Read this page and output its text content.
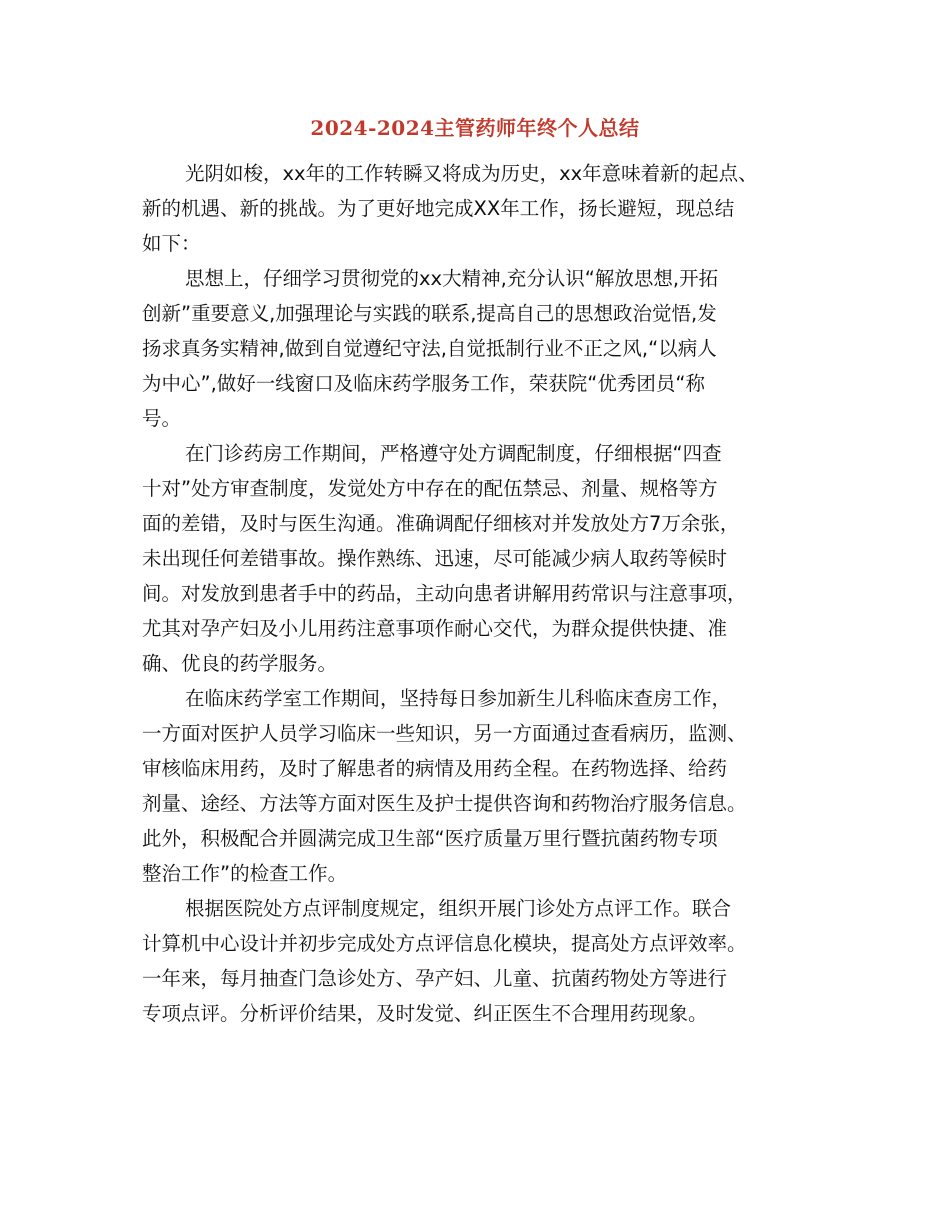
2024-2024主管药师年终个人总结
光阴如梭，xx年的工作转瞬又将成为历史，xx年意味着新的起点、
新的机遇、新的挑战。为了更好地完成XX年工作，扬长避短，现总结
如下：
思想上，仔细学习贯彻党的xx大精神,充分认识“解放思想,开拓
创新”重要意义,加强理论与实践的联系,提高自己的思想政治觉悟,发
扬求真务实精神,做到自觉遵纪守法,自觉抵制行业不正之风,“以病人
为中心”,做好一线窗口及临床药学服务工作，荣获院“优秀团员“称
号。
在门诊药房工作期间，严格遵守处方调配制度，仔细根据“四查
十对”处方审查制度，发觉处方中存在的配伍禁忌、剂量、规格等方
面的差错，及时与医生沟通。准确调配仔细核对并发放处方7万余张，
未出现任何差错事故。操作熟练、迅速，尽可能减少病人取药等候时
间。对发放到患者手中的药品，主动向患者讲解用药常识与注意事项，
尤其对孕产妇及小儿用药注意事项作耐心交代，为群众提供快捷、准
确、优良的药学服务。
在临床药学室工作期间，坚持每日参加新生儿科临床查房工作，
一方面对医护人员学习临床一些知识，另一方面通过查看病历，监测、
审核临床用药，及时了解患者的病情及用药全程。在药物选择、给药
剂量、途经、方法等方面对医生及护士提供咨询和药物治疗服务信息。
此外，积极配合并圆满完成卫生部“医疗质量万里行暨抗菌药物专项
整治工作”的检查工作。
根据医院处方点评制度规定，组织开展门诊处方点评工作。联合
计算机中心设计并初步完成处方点评信息化模块，提高处方点评效率。
一年来，每月抽查门急诊处方、孕产妇、儿童、抗菌药物处方等进行
专项点评。分析评价结果，及时发觉、纠正医生不合理用药现象。
